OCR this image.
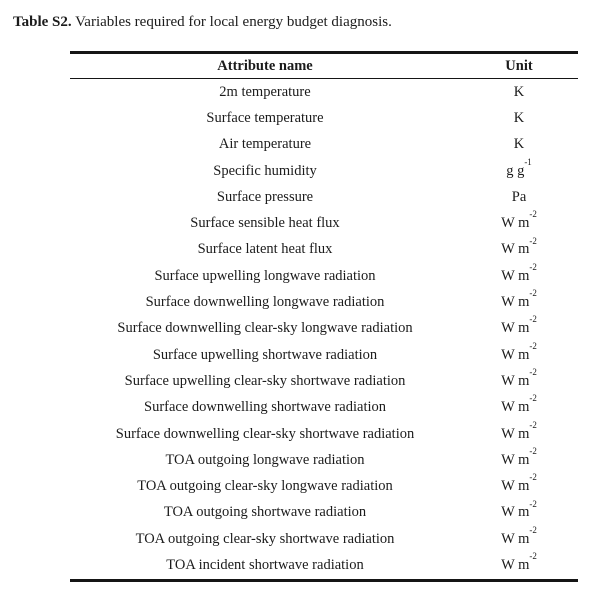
Table S2. Variables required for local energy budget diagnosis.

Attribute name	Unit
2m temperature	K
Surface temperature	K
Air temperature	K
Specific humidity	g $g^{-1}$
Surface pressure	Pa
Surface sensible heat flux	W $m^{-2}$
Surface latent heat flux	W $m^{-2}$
Surface upwelling longwave radiation	W $m^{-2}$
Surface downwelling longwave radiation	W $m^{-2}$
Surface downwelling clear-sky longwave radiation	W $m^{-2}$
Surface upwelling shortwave radiation	W $m^{-2}$
Surface upwelling clear-sky shortwave radiation	W $m^{-2}$
Surface downwelling shortwave radiation	W $m^{-2}$
Surface downwelling clear-sky shortwave radiation	W $m^{-2}$
TOA outgoing longwave radiation	W $m^{-2}$
TOA outgoing clear-sky longwave radiation	W $m^{-2}$
TOA outgoing shortwave radiation	W $m^{-2}$
TOA outgoing clear-sky shortwave radiation	W $m^{-2}$
TOA incident shortwave radiation	W $m^{-2}$
